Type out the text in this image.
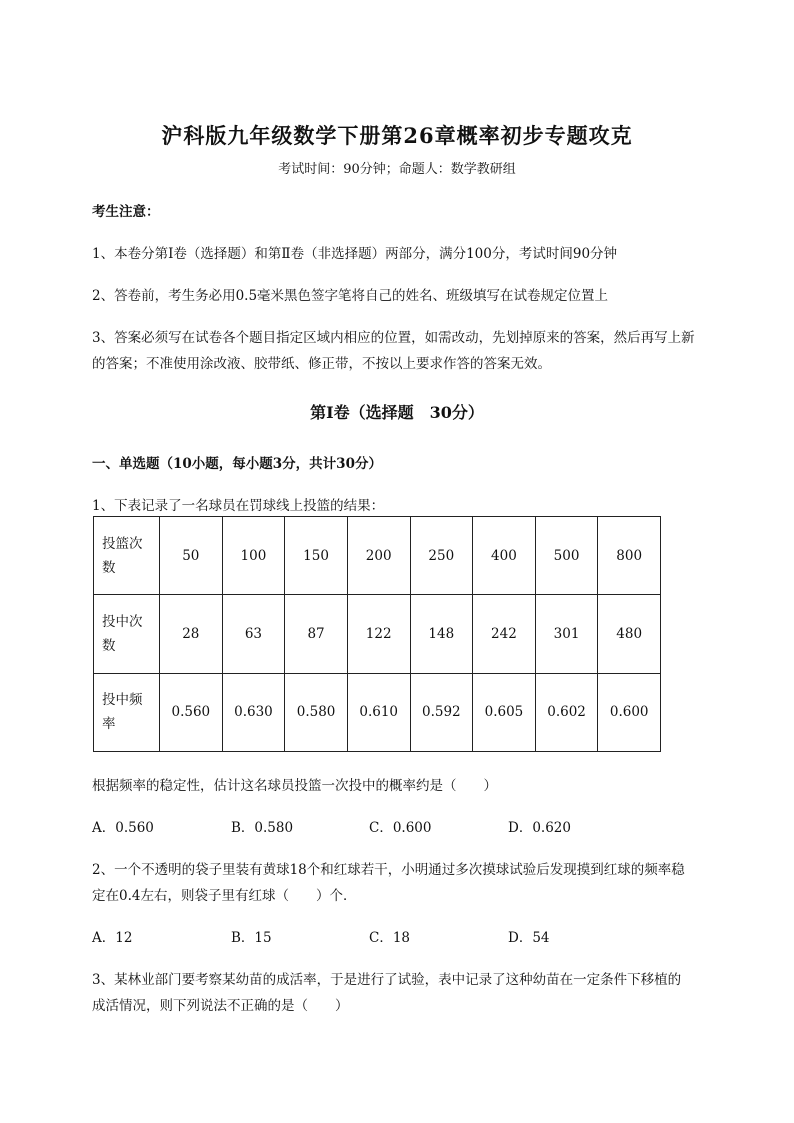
沪科版九年级数学下册第26章概率初步专题攻克
考试时间：90分钟；命题人：数学教研组
考生注意：
1、本卷分第I卷（选择题）和第Ⅱ卷（非选择题）两部分，满分100分，考试时间90分钟
2、答卷前，考生务必用0.5毫米黑色签字笔将自己的姓名、班级填写在试卷规定位置上
3、答案必须写在试卷各个题目指定区域内相应的位置，如需改动，先划掉原来的答案，然后再写上新
的答案；不准使用涂改液、胶带纸、修正带，不按以上要求作答的答案无效。
第I卷（选择题　30分）
一、单选题（10小题，每小题3分，共计30分）
1、下表记录了一名球员在罚球线上投篮的结果：
投篮次
数	50	100	150	200	250	400	500	800
投中次
数	28	63	87	122	148	242	301	480
投中频
率	0.560	0.630	0.580	0.610	0.592	0.605	0.602	0.600
根据频率的稳定性，估计这名球员投篮一次投中的概率约是（　　）
A．0.560	B．0.580	C．0.600	D．0.620
2、一个不透明的袋子里装有黄球18个和红球若干，小明通过多次摸球试验后发现摸到红球的频率稳
定在0.4左右，则袋子里有红球（　　）个．
A．12	B．15	C．18	D．54
3、某林业部门要考察某幼苗的成活率，于是进行了试验，表中记录了这种幼苗在一定条件下移植的
成活情况，则下列说法不正确的是（　　）
